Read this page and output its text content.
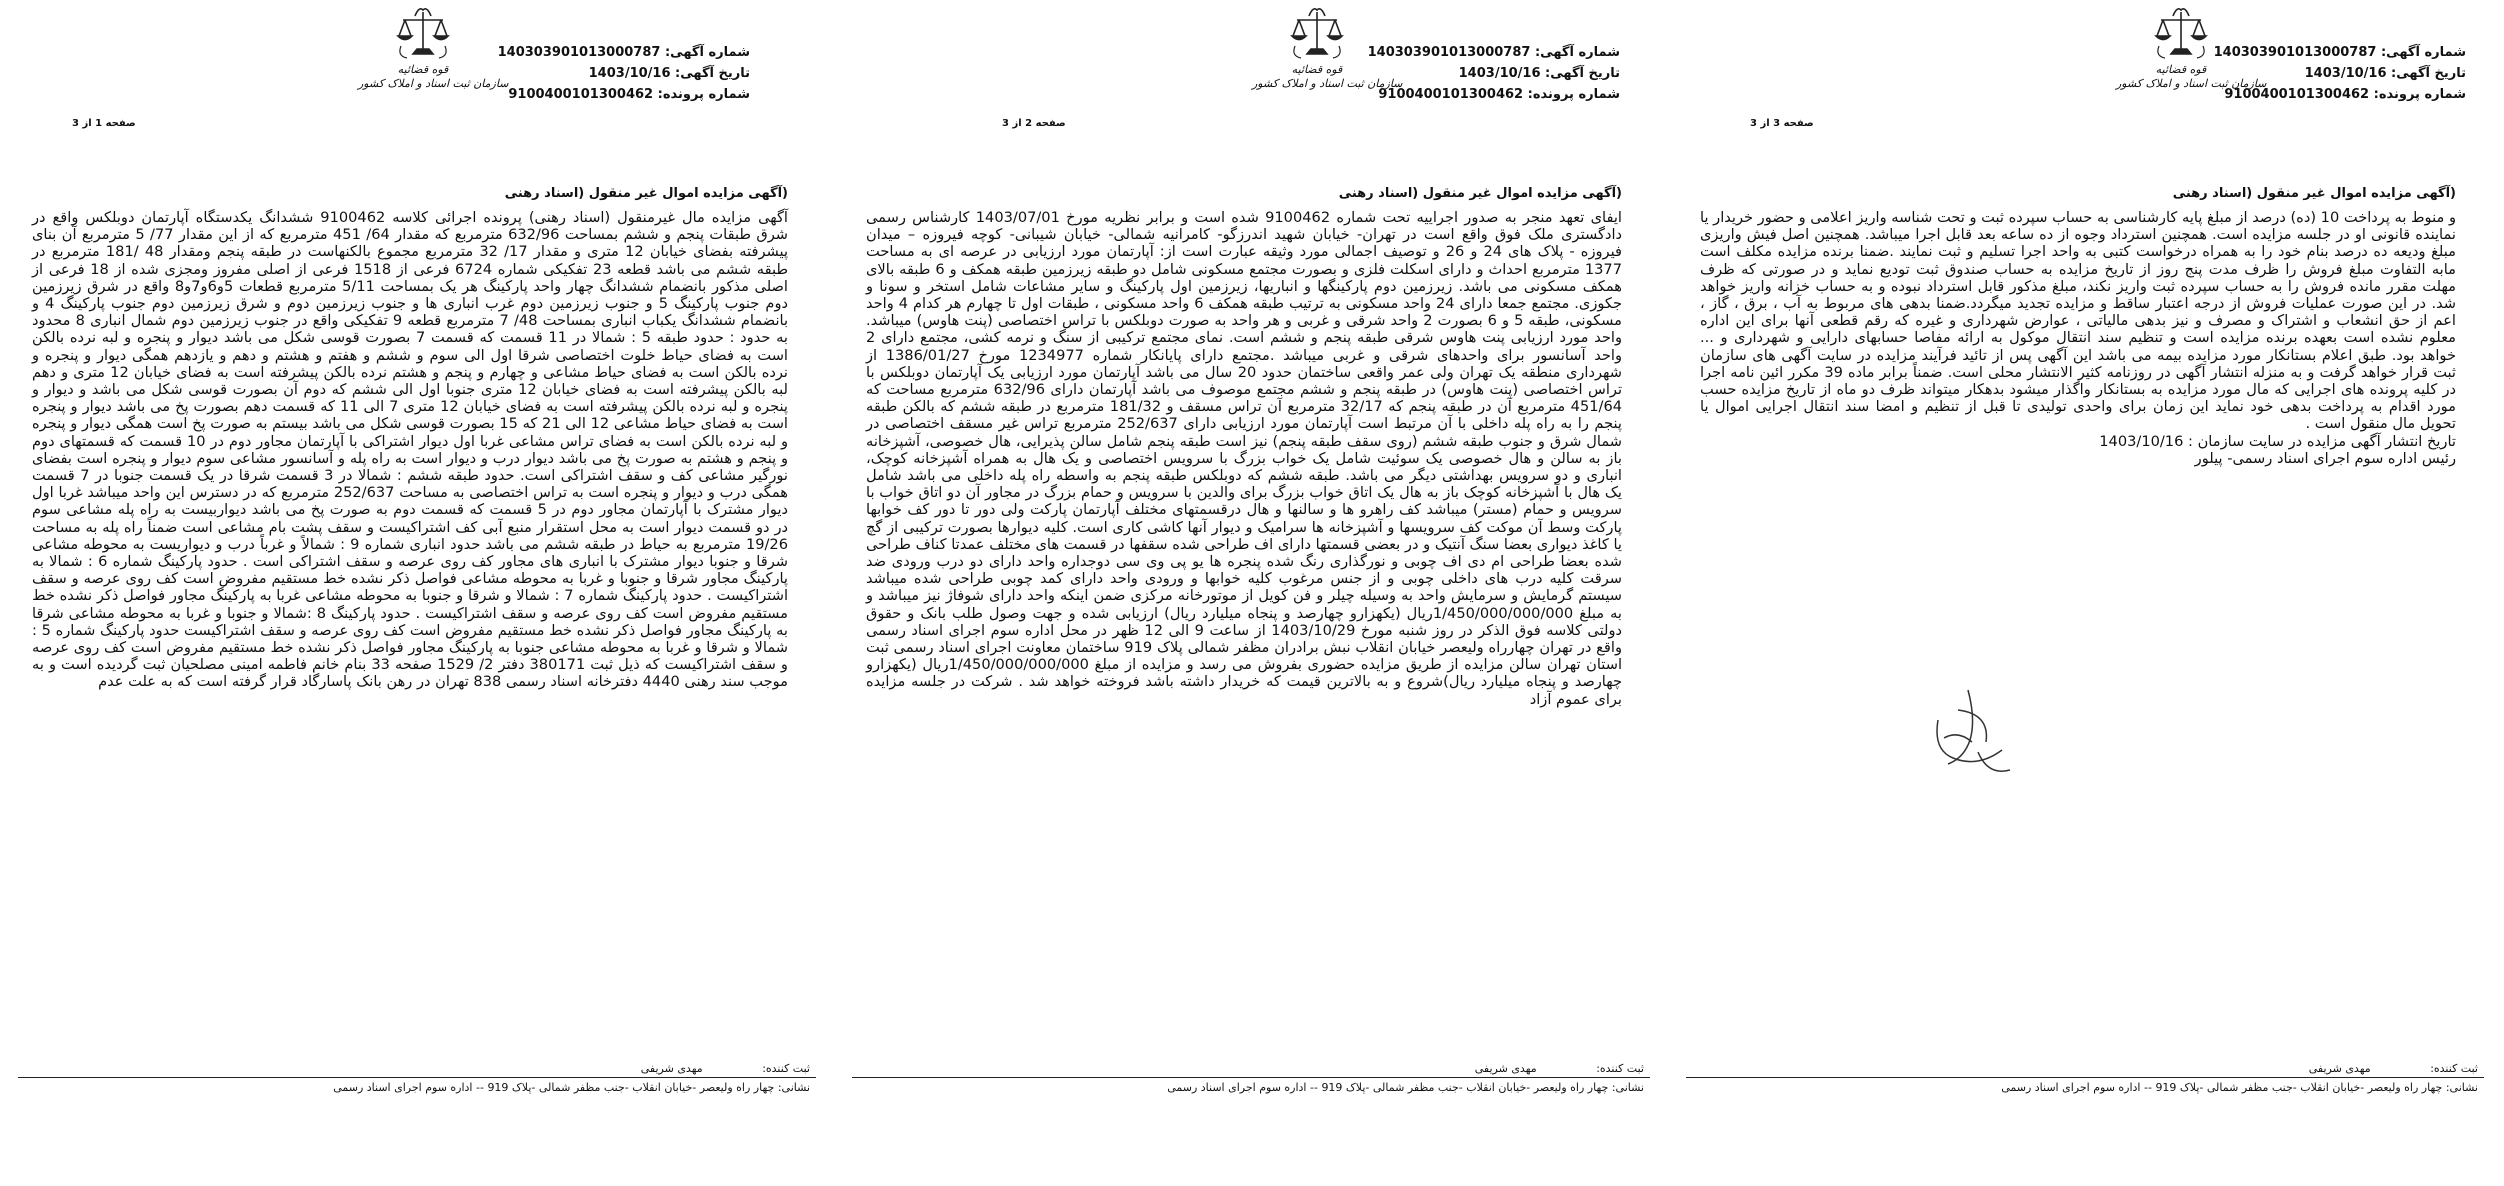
قوه قضائیه
سازمان ثبت اسناد و املاک کشور
شماره آگهی: 140303901013000787
تاریخ آگهی: 1403/10/16
شماره پرونده: 9100400101300462
صفحه 3 از 3
(آگهی مزایده اموال غیر منقول (اسناد رهنی
و منوط به پرداخت 10 (ده) درصد از مبلغ پایه کارشناسی به حساب سپرده ثبت و تحت شناسه واریز اعلامی و حضور خریدار یا نماینده قانونی او در جلسه مزایده است. همچنین استرداد وجوه از ده ساعه بعد قابل اجرا میباشد. همچنین اصل فیش واریزی مبلغ ودیعه ده درصد بنام خود را به همراه درخواست کتبی به واحد اجرا تسلیم و ثبت نمایند .ضمنا برنده مزایده مکلف است مابه التفاوت مبلغ فروش را ظرف مدت پنج روز از تاریخ مزایده به حساب صندوق ثبت تودیع نماید و در صورتی که ظرف مهلت مقرر مانده فروش را به حساب سپرده ثبت واریز نکند، مبلغ مذکور قابل استرداد نبوده و به حساب خزانه واریز خواهد شد. در این صورت عملیات فروش از درجه اعتبار ساقط و مزایده تجدید میگردد.ضمنا بدهی های مربوط به آب ، برق ، گاز ، اعم از حق انشعاب و اشتراک و مصرف و نیز بدهی مالیاتی ، عوارض شهرداری و غیره که رقم قطعی آنها برای این اداره معلوم نشده است بعهده برنده مزایده است و تنظیم سند انتقال موکول به ارائه مفاصا حسابهای دارایی و شهرداری و ... خواهد بود. طبق اعلام بستانکار مورد مزایده بیمه می باشد این آگهی پس از تائید فرآیند مزایده در سایت آگهی های سازمان ثبت قرار خواهد گرفت و به منزله انتشار آگهی در روزنامه کثیر الانتشار محلی است. ضمناً برابر ماده 39 مکرر ائین نامه اجرا در کلیه پرونده های اجرایی که مال مورد مزایده به بستانکار واگذار میشود بدهکار میتواند ظرف دو ماه از تاریخ مزایده حسب مورد اقدام به پرداخت بدهی خود نماید این زمان برای واحدی تولیدی تا قبل از تنظیم و امضا سند انتقال اجرایی اموال یا تحویل مال منقول است .
تاریخ انتشار آگهی مزایده در سایت سازمان : 1403/10/16
رئیس اداره سوم اجرای اسناد رسمی- پیلور
ثبت کننده: مهدی شریفی
نشانی: چهار راه ولیعصر -خیابان انقلاب -جنب مظفر شمالی -پلاک 919 -- اداره سوم اجرای اسناد رسمی
قوه قضائیه
سازمان ثبت اسناد و املاک کشور
شماره آگهی: 140303901013000787
تاریخ آگهی: 1403/10/16
شماره پرونده: 9100400101300462
صفحه 2 از 3
(آگهی مزایده اموال غیر منقول (اسناد رهنی
ایفای تعهد منجر به صدور اجراییه تحت شماره 9100462 شده است و برابر نظریه مورخ 1403/07/01 کارشناس رسمی دادگستری ملک فوق واقع است در تهران- خیابان شهید اندرزگو- کامرانیه شمالی- خیابان شیبانی- کوچه فیروزه – میدان فیروزه - پلاک های 24 و 26 و توصیف اجمالی مورد وثیقه عبارت است از: آپارتمان مورد ارزیابی در عرصه ای به مساحت 1377 مترمربع احداث و دارای اسکلت فلزی و بصورت مجتمع مسکونی شامل دو طبقه زیرزمین طبقه همکف و 6 طبقه بالای همکف مسکونی می باشد. زیرزمین دوم پارکینگها و انباریها، زیرزمین اول پارکینگ و سایر مشاعات شامل استخر و سونا و جکوزی. مجتمع جمعا دارای 24 واحد مسکونی به ترتیب طبقه همکف 6 واحد مسکونی ، طبقات اول تا چهارم هر کدام 4 واحد مسکونی، طبقه 5 و 6 بصورت 2 واحد شرقی و غربی و هر واحد به صورت دوبلکس با تراس اختصاصی (پنت هاوس) میباشد. واحد مورد ارزیابی پنت هاوس شرقی طبقه پنجم و ششم است. نمای مجتمع ترکیبی از سنگ و نرمه کشی، مجتمع دارای 2 واحد آسانسور برای واحدهای شرقی و غربی میباشد .مجتمع دارای پایانکار شماره 1234977 مورخ 1386/01/27 از شهرداری منطقه یک تهران ولی عمر واقعی ساختمان حدود 20 سال می باشد آپارتمان مورد ارزیابی یک آپارتمان دوبلکس با تراس اختصاصی (پنت هاوس) در طبقه پنجم و ششم مجتمع موصوف می باشد آپارتمان دارای 632/96 مترمربع مساحت که 451/64 مترمربع آن در طبقه پنجم که 32/17 مترمربع آن تراس مسقف و 181/32 مترمربع در طبقه ششم که بالکن طبقه پنجم را به راه پله داخلی با آن مرتبط است آپارتمان مورد ارزیابی دارای 252/637 مترمربع تراس غیر مسقف اختصاصی در شمال شرق و جنوب طبقه ششم (روی سقف طبقه پنجم) نیز است طبقه پنجم شامل سالن پذیرایی، هال خصوصی، آشپزخانه باز به سالن و هال خصوصی یک سوئیت شامل یک خواب بزرگ با سرویس اختصاصی و یک هال به همراه آشپزخانه کوچک، انباری و دو سرویس بهداشتی دیگر می باشد. طبقه ششم که دوبلکس طبقه پنجم به واسطه راه پله داخلی می باشد شامل یک هال با آشپزخانه کوچک باز به هال یک اتاق خواب بزرگ برای والدین با سرویس و حمام بزرگ در مجاور آن دو اتاق خواب با سرویس و حمام (مستر) میباشد کف راهرو ها و سالنها و هال درقسمتهای مختلف آپارتمان پارکت ولی دور تا دور کف خوابها پارکت وسط آن موکت کف سرویسها و آشپزخانه ها سرامیک و دیوار آنها کاشی کاری است. کلیه دیوارها بصورت ترکیبی از گچ یا کاغذ دیواری بعضا سنگ آنتیک و در بعضی قسمتها دارای اف طراحی شده سقفها در قسمت های مختلف عمدتا کناف طراحی شده بعضا طراحی ام دی اف چوبی و نورگذاری رنگ شده پنجره ها یو پی وی سی دوجداره واحد دارای دو درب ورودی ضد سرقت کلیه درب های داخلی چوبی و از جنس مرغوب کلیه خوابها و ورودی واحد دارای کمد چوبی طراحی شده میباشد سیستم گرمایش و سرمایش واحد به وسیله چیلر و فن کویل از موتورخانه مرکزی ضمن اینکه واحد دارای شوفاژ نیز میباشد و به مبلغ 1/450/000/000/000ریال (یکهزارو چهارصد و پنجاه میلیارد ریال) ارزیابی شده و جهت وصول طلب بانک و حقوق دولتی کلاسه فوق الذکر در روز شنبه مورخ 1403/10/29 از ساعت 9 الی 12 ظهر در محل اداره سوم اجرای اسناد رسمی واقع در تهران چهارراه ولیعصر خیابان انقلاب نبش برادران مظفر شمالی پلاک 919 ساختمان معاونت اجرای اسناد رسمی ثبت استان تهران سالن مزایده از طریق مزایده حضوری بفروش می رسد و مزایده از مبلغ 1/450/000/000/000ریال (یکهزارو چهارصد و پنجاه میلیارد ریال)شروع و به بالاترین قیمت که خریدار داشته باشد فروخته خواهد شد . شرکت در جلسه مزایده برای عموم آزاد
ثبت کننده: مهدی شریفی
نشانی: چهار راه ولیعصر -خیابان انقلاب -جنب مظفر شمالی -پلاک 919 -- اداره سوم اجرای اسناد رسمی
قوه قضائیه
سازمان ثبت اسناد و املاک کشور
شماره آگهی: 140303901013000787
تاریخ آگهی: 1403/10/16
شماره پرونده: 9100400101300462
صفحه 1 از 3
(آگهی مزایده اموال غیر منقول (اسناد رهنی
آگهی مزایده مال غیرمنقول (اسناد رهنی) پرونده اجرائی کلاسه 9100462 ششدانگ یکدستگاه آپارتمان دوبلکس واقع در شرق طبقات پنجم و ششم بمساحت 632/96 مترمربع که مقدار 64/ 451 مترمربع که از این مقدار 77/ 5 مترمربع آن بنای پیشرفته بفضای خیابان 12 متری و مقدار 17/ 32 مترمربع مجموع بالکنهاست در طبقه پنجم ومقدار 48 /181 مترمربع در طبقه ششم می باشد قطعه 23 تفکیکی شماره 6724 فرعی از 1518 فرعی از اصلی مفروز ومجزی شده از 18 فرعی از اصلی مذکور بانضمام ششدانگ چهار واحد پارکینگ هر یک بمساحت 5/11 مترمربع قطعات 5و6و7و8 واقع در شرق زیرزمین دوم جنوب پارکینگ 5 و جنوب زیرزمین دوم غرب انباری ها و جنوب زیرزمین دوم و شرق زیرزمین دوم جنوب پارکینگ 4 و بانضمام ششدانگ یکباب انباری بمساحت 48/ 7 مترمربع قطعه 9 تفکیکی واقع در جنوب زیرزمین دوم شمال انباری 8 محدود به حدود : حدود طبقه 5 : شمالا در 11 قسمت که قسمت 7 بصورت قوسی شکل می باشد دیوار و پنجره و لبه نرده بالکن است به فضای حیاط خلوت اختصاصی شرقا اول الی سوم و ششم و هفتم و هشتم و دهم و یازدهم همگی دیوار و پنجره و نرده بالکن است به فضای حیاط مشاعی و چهارم و پنجم و هشتم نرده بالکن پیشرفته است به فضای خیابان 12 متری و دهم لبه بالکن پیشرفته است به فضای خیابان 12 متری جنوبا اول الی ششم که دوم آن بصورت قوسی شکل می باشد و دیوار و پنجره و لبه نرده بالکن پیشرفته است به فضای خیابان 12 متری 7 الی 11 که قسمت دهم بصورت پخ می باشد دیوار و پنجره است به فضای حیاط مشاعی 12 الی 21 که 15 بصورت قوسی شکل می باشد بیستم به صورت پخ است همگی دیوار و پنجره و لبه نرده بالکن است به فضای تراس مشاعی غربا اول دیوار اشتراکی با آپارتمان مجاور دوم در 10 قسمت که قسمتهای دوم و پنجم و هشتم به صورت پخ می باشد دیوار درب و دیوار است به راه پله و آسانسور مشاعی سوم دیوار و پنجره است بفضای نورگیر مشاعی کف و سقف اشتراکی است. حدود طبقه ششم : شمالا در 3 قسمت شرقا در یک قسمت جنوبا در 7 قسمت همگی درب و دیوار و پنجره است به تراس اختصاصی به مساحت 252/637 مترمربع که در دسترس این واحد میباشد غربا اول دیوار مشترک با آپارتمان مجاور دوم در 5 قسمت که قسمت دوم به صورت پخ می باشد دیواربیست به راه پله مشاعی سوم در دو قسمت دیوار است به محل استقرار منبع آبی کف اشتراکیست و سقف پشت بام مشاعی است ضمناً راه پله به مساحت 19/26 مترمربع به حیاط در طبقه ششم می باشد حدود انباری شماره 9 : شمالاً و غرباً درب و دیواریست به محوطه مشاعی شرقا و جنوبا دیوار مشترک با انباری های مجاور کف روی عرصه و سقف اشتراکی است . حدود پارکینگ شماره 6 : شمالا به پارکینگ مجاور شرقا و جنوبا و غربا به محوطه مشاعی فواصل ذکر نشده خط مستقیم مفروض است کف روی عرصه و سقف اشتراکیست . حدود پارکینگ شماره 7 : شمالا و شرقا و جنوبا به محوطه مشاعی غربا به پارکینگ مجاور فواصل ذکر نشده خط مستقیم مفروض است کف روی عرصه و سقف اشتراکیست . حدود پارکینگ 8 :شمالا و جنوبا و غربا به محوطه مشاعی شرقا به پارکینگ مجاور فواصل ذکر نشده خط مستقیم مفروض است کف روی عرصه و سقف اشتراکیست حدود پارکینگ شماره 5 : شمالا و شرقا و غربا به محوطه مشاعی جنوبا به پارکینگ مجاور فواصل ذکر نشده خط مستقیم مفروض است کف روی عرصه و سقف اشتراکیست که ذیل ثبت 380171 دفتر 2/ 1529 صفحه 33 بنام خانم فاطمه امینی مصلحیان ثبت گردیده است و به موجب سند رهنی 4440 دفترخانه اسناد رسمی 838 تهران در رهن بانک پاسارگاد قرار گرفته است که به علت عدم
ثبت کننده: مهدی شریفی
نشانی: چهار راه ولیعصر -خیابان انقلاب -جنب مظفر شمالی -پلاک 919 -- اداره سوم اجرای اسناد رسمی
